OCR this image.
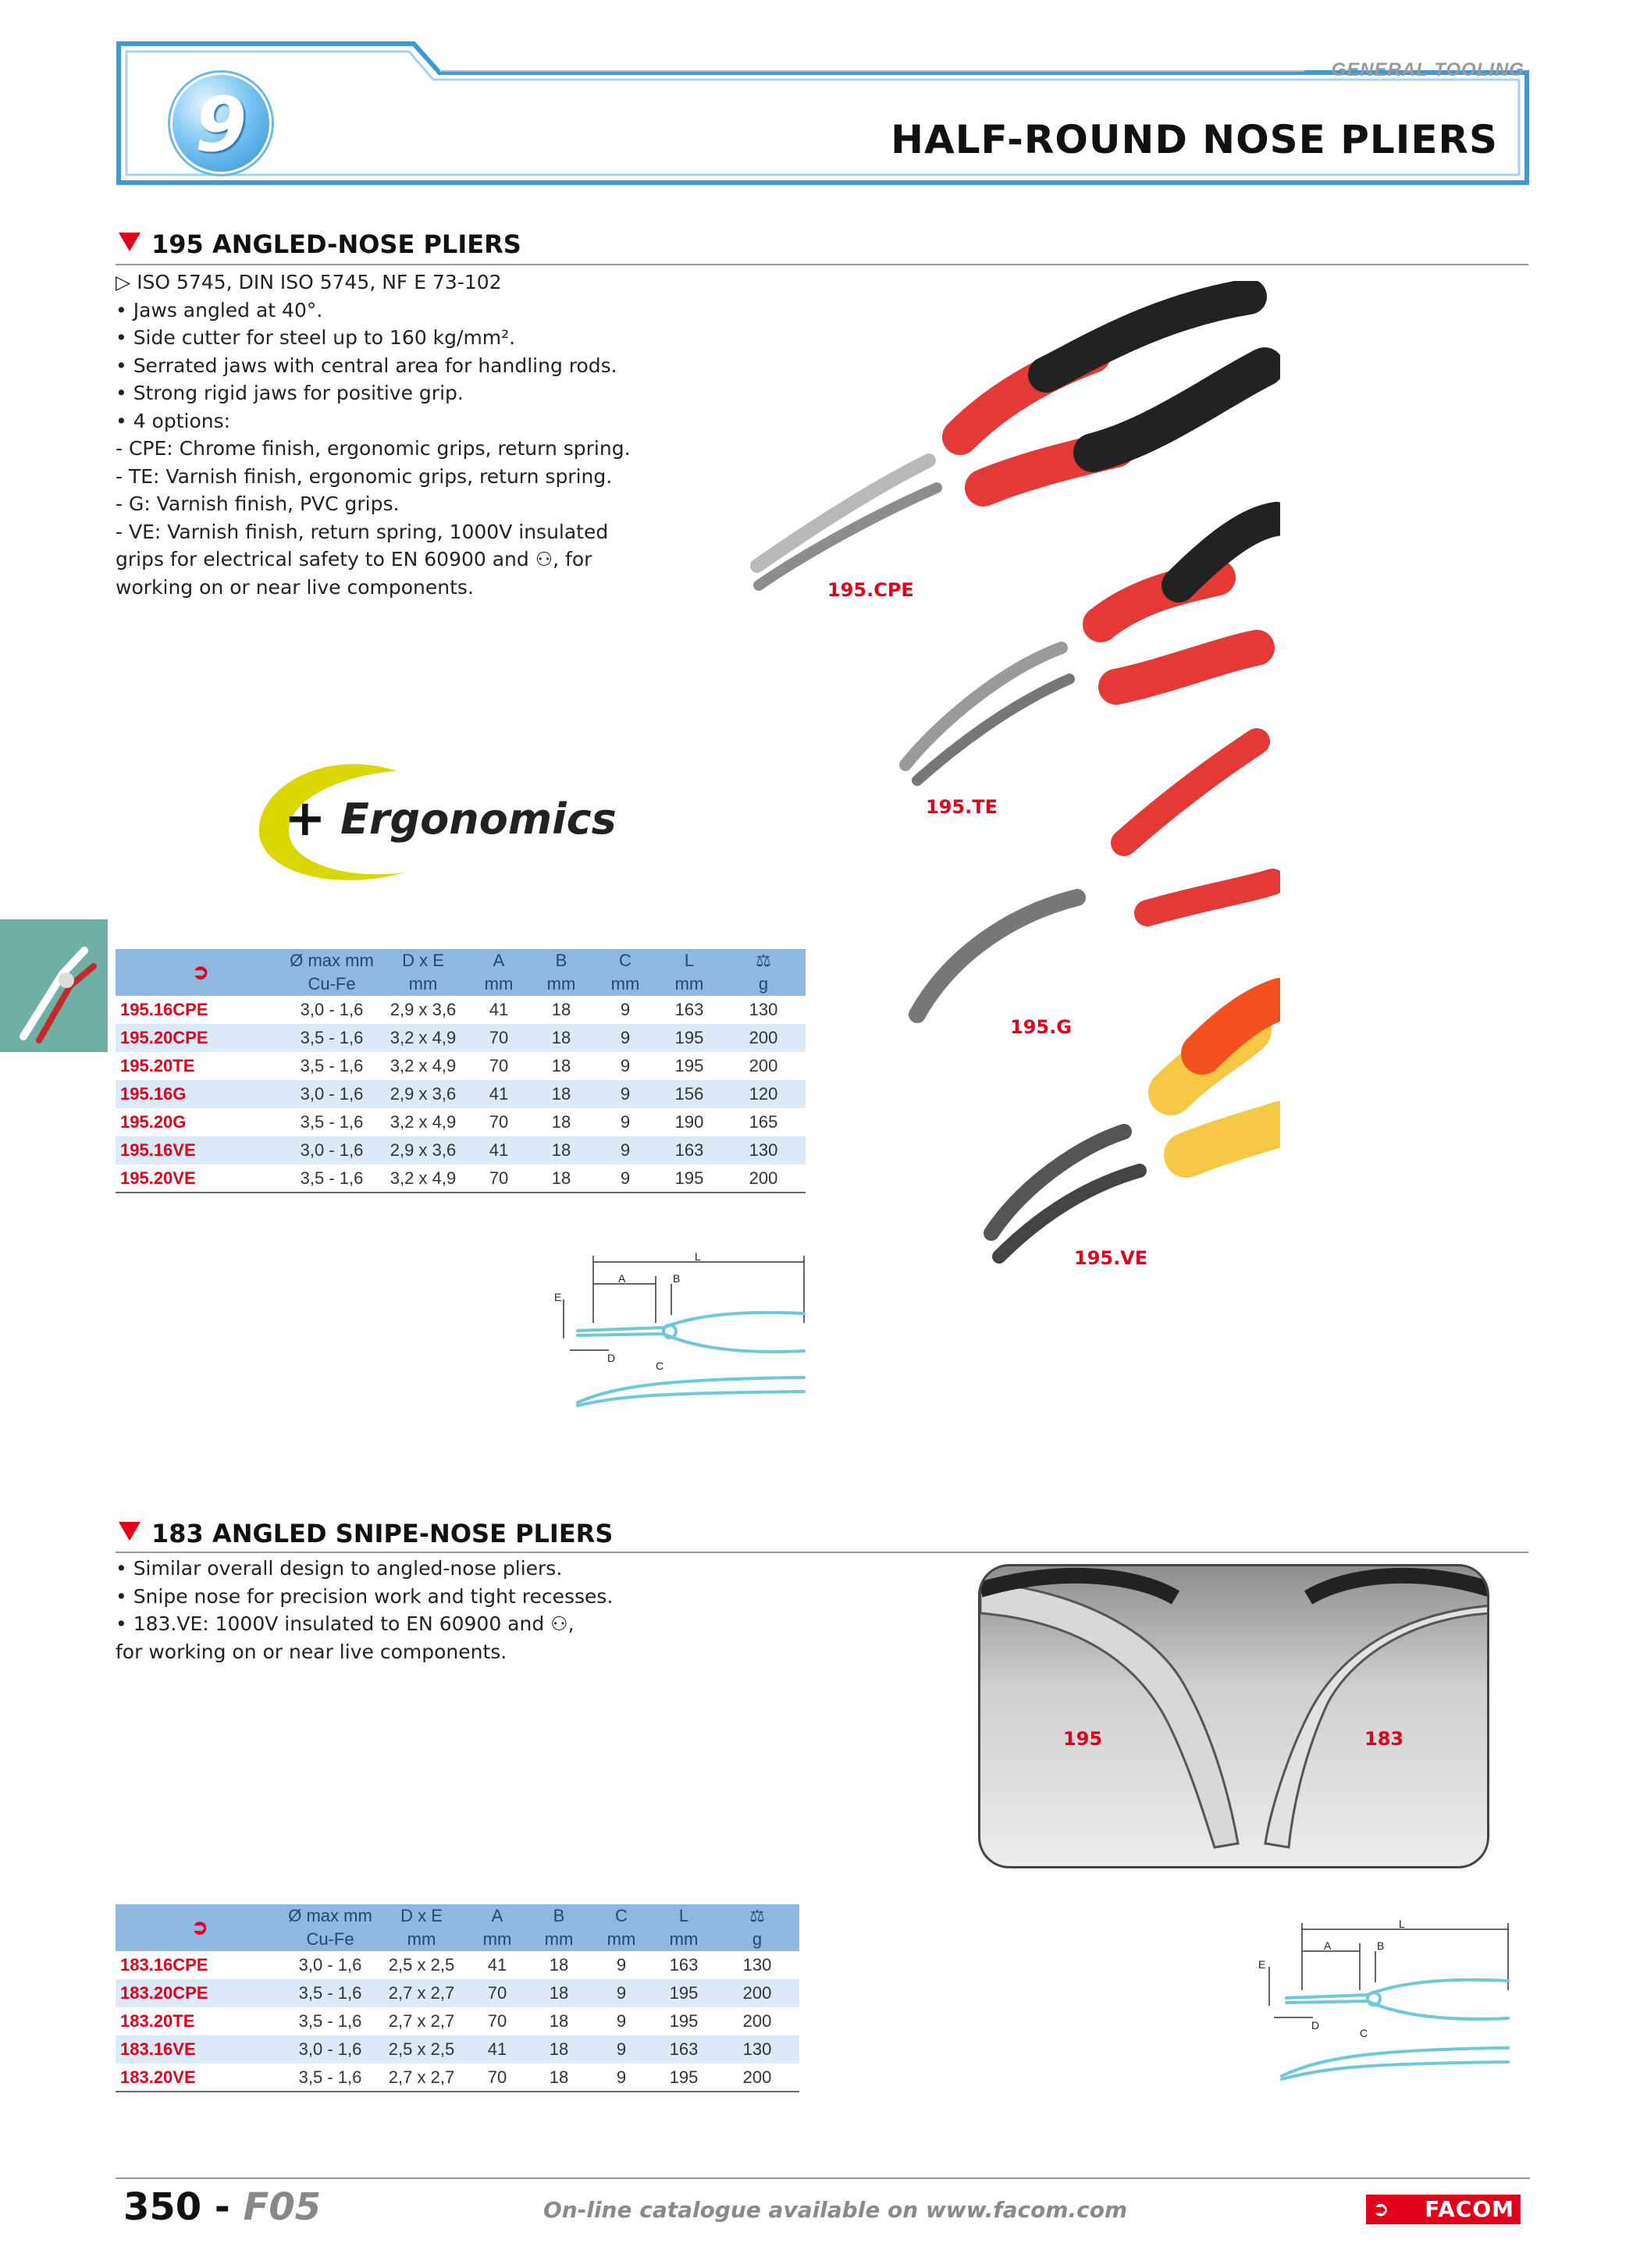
9
GENERAL TOOLING
HALF-ROUND NOSE PLIERS
195 ANGLED-NOSE PLIERS
▷ ISO 5745, DIN ISO 5745, NF E 73-102
• Jaws angled at 40°.
• Side cutter for steel up to 160 kg/mm².
• Serrated jaws with central area for handling rods.
• Strong rigid jaws for positive grip.
• 4 options:
- CPE: Chrome finish, ergonomic grips, return spring.
- TE: Varnish finish, ergonomic grips, return spring.
- G: Varnish finish, PVC grips.
- VE: Varnish finish, return spring, 1000V insulated
grips for electrical safety to EN 60900 and ⚇, for
working on or near live components.
+ Ergonomics
195.CPE
195.TE
195.G
195.VE
➲	Ø max mm	D x E	A	B	C	L	⚖
	Cu-Fe	mm	mm	mm	mm	mm	g
195.16CPE	3,0 - 1,6	2,9 x 3,6	41	18	9	163	130
195.20CPE	3,5 - 1,6	3,2 x 4,9	70	18	9	195	200
195.20TE	3,5 - 1,6	3,2 x 4,9	70	18	9	195	200
195.16G	3,0 - 1,6	2,9 x 3,6	41	18	9	156	120
195.20G	3,5 - 1,6	3,2 x 4,9	70	18	9	190	165
195.16VE	3,0 - 1,6	2,9 x 3,6	41	18	9	163	130
195.20VE	3,5 - 1,6	3,2 x 4,9	70	18	9	195	200
L
A	B
E
D
C
183 ANGLED SNIPE-NOSE PLIERS
• Similar overall design to angled-nose pliers.
• Snipe nose for precision work and tight recesses.
• 183.VE: 1000V insulated to EN 60900 and ⚇,
for working on or near live components.
195	183
➲	Ø max mm	D x E	A	B	C	L	⚖
	Cu-Fe	mm	mm	mm	mm	mm	g
183.16CPE	3,0 - 1,6	2,5 x 2,5	41	18	9	163	130
183.20CPE	3,5 - 1,6	2,7 x 2,7	70	18	9	195	200
183.20TE	3,5 - 1,6	2,7 x 2,7	70	18	9	195	200
183.16VE	3,0 - 1,6	2,5 x 2,5	41	18	9	163	130
183.20VE	3,5 - 1,6	2,7 x 2,7	70	18	9	195	200
L
A	B
E
D
C
350 - F05	On-line catalogue available on www.facom.com	➲ FACOM
